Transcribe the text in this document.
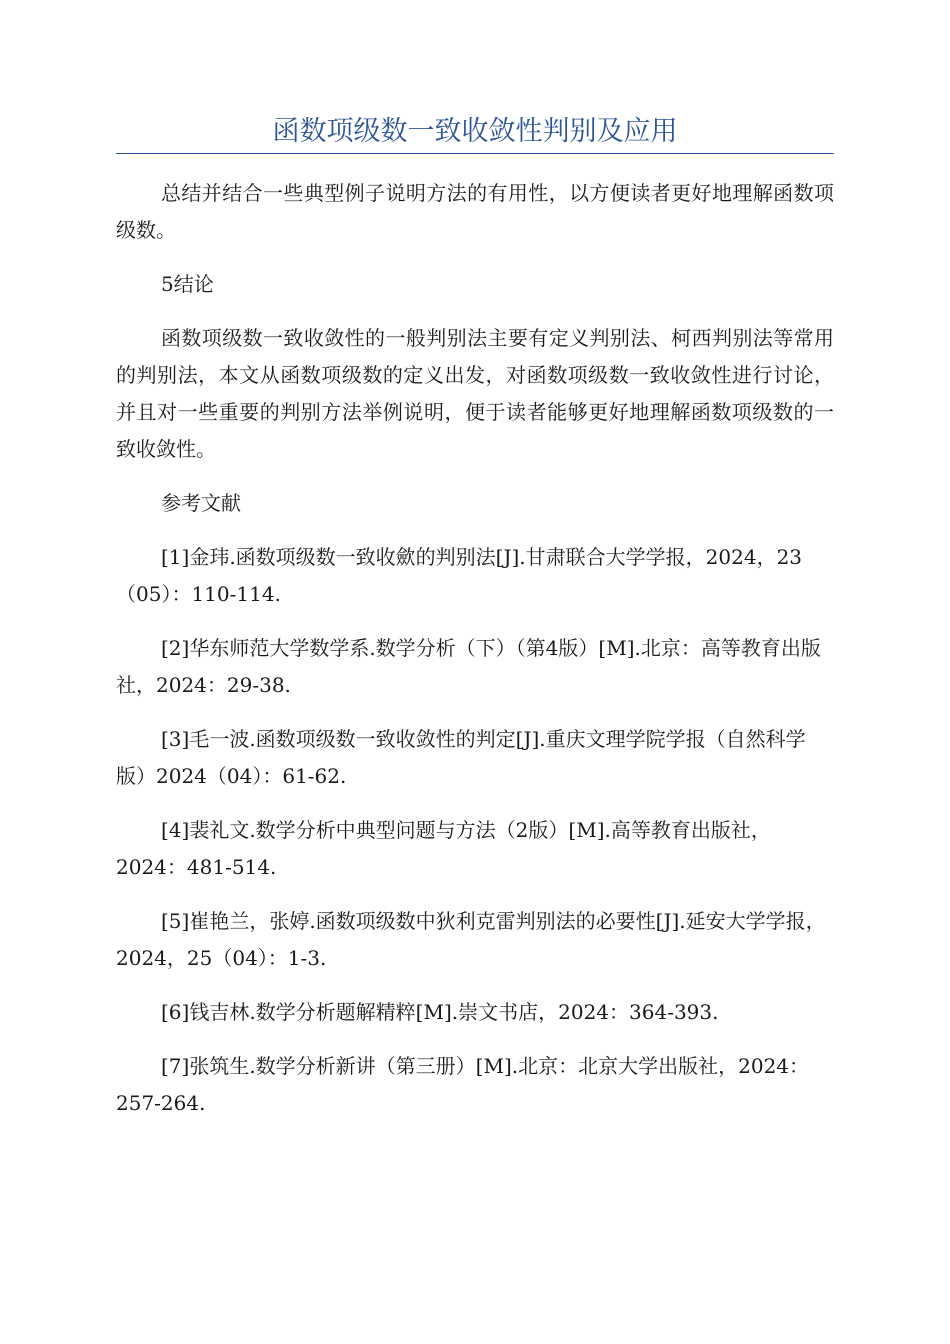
函数项级数一致收敛性判别及应用

总结并结合一些典型例子说明方法的有用性，以方便读者更好地理解函数项级数。

5结论

函数项级数一致收敛性的一般判别法主要有定义判别法、柯西判别法等常用的判别法，本文从函数项级数的定义出发，对函数项级数一致收敛性进行讨论，并且对一些重要的判别方法举例说明，便于读者能够更好地理解函数项级数的一致收敛性。

参考文献

[1]金玮.函数项级数一致收歛的判别法[J].甘肃联合大学学报，2024，23（05）：110-114.

[2]华东师范大学数学系.数学分析（下）（第4版）[M].北京：高等教育出版社，2024：29-38.

[3]毛一波.函数项级数一致收敛性的判定[J].重庆文理学院学报（自然科学版）2024（04）：61-62.

[4]裴礼文.数学分析中典型问题与方法（2版）[M].高等教育出版社，2024：481-514.

[5]崔艳兰，张婷.函数项级数中狄利克雷判别法的必要性[J].延安大学学报，2024，25（04）：1-3.

[6]钱吉林.数学分析题解精粹[M].崇文书店，2024：364-393.

[7]张筑生.数学分析新讲（第三册）[M].北京：北京大学出版社，2024：257-264.
